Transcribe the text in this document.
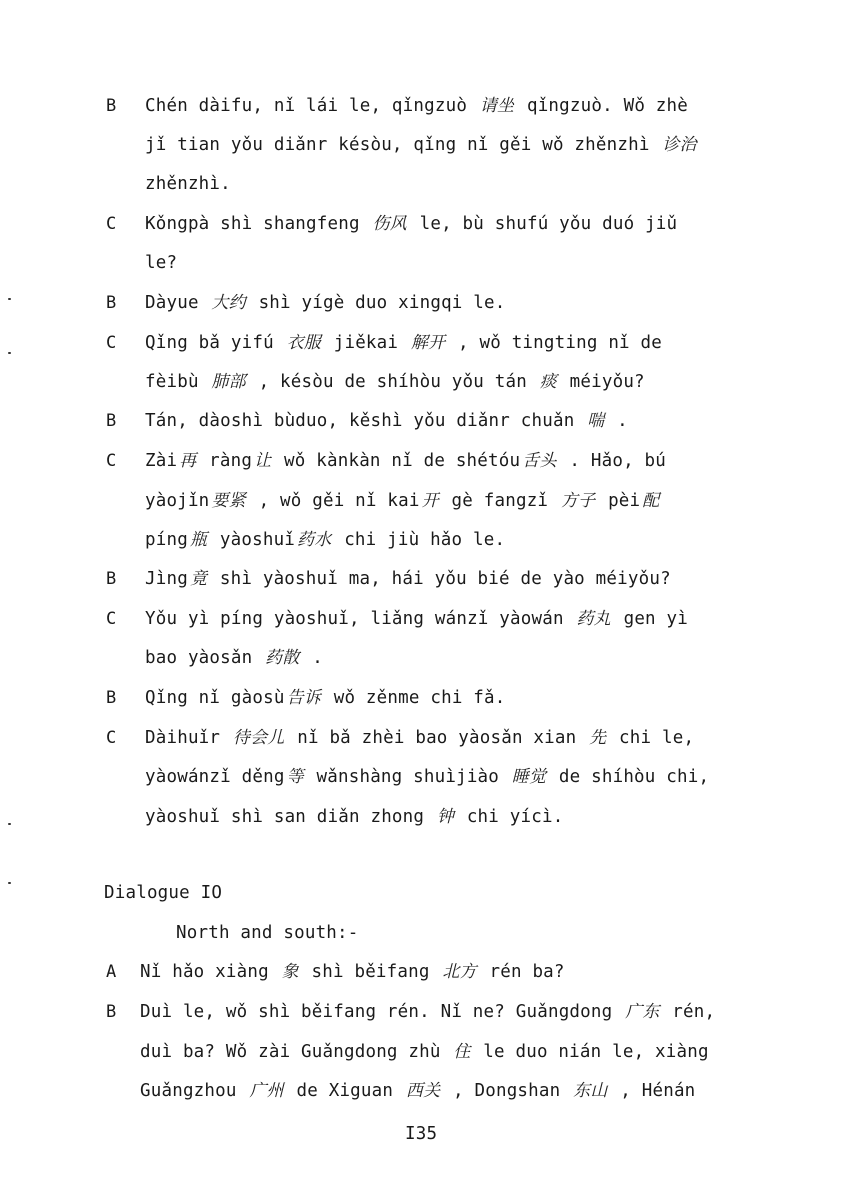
B Chén dàifu, nǐ lái le, qǐngzuò 请坐 qǐngzuò. Wǒ zhè
jǐ tian yǒu diǎnr késòu, qǐng nǐ gěi wǒ zhěnzhì 诊治
zhěnzhì.
C Kǒngpà shì shangfeng 伤风 le, bù shufú yǒu duó jiǔ
le?
B Dàyue 大约 shì yígè duo xingqi le.
C Qǐng bǎ yifú 衣服 jiěkai 解开 , wǒ tingting nǐ de
fèibù 肺部 , késòu de shíhòu yǒu tán 痰 méiyǒu?
B Tán, dàoshì bùduo, kěshì yǒu diǎnr chuǎn 喘 .
C Zài 再 ràng 让 wǒ kànkàn nǐ de shétóu 舌头 . Hǎo, bú
yàojǐn 要紧 , wǒ gěi nǐ kai 开 gè fangzǐ 方子 pèi 配
píng 瓶 yàoshuǐ 药水 chi jiù hǎo le.
B Jìng 竟 shì yàoshuǐ ma, hái yǒu bié de yào méiyǒu?
C Yǒu yì píng yàoshuǐ, liǎng wánzǐ yàowán 药丸 gen yì
bao yàosǎn 药散 .
B Qǐng nǐ gàosù 告诉 wǒ zěnme chi fǎ.
C Dàihuǐr 待会儿 nǐ bǎ zhèi bao yàosǎn xian 先 chi le,
yàowánzǐ děng 等 wǎnshàng shuìjiào 睡觉 de shíhòu chi,
yàoshuǐ shì san diǎn zhong 钟 chi yícì.
Dialogue IO
North and south:-
A Nǐ hǎo xiàng 象 shì běifang 北方 rén ba?
B Duì le, wǒ shì běifang rén. Nǐ ne? Guǎngdong 广东 rén,
duì ba? Wǒ zài Guǎngdong zhù 住 le duo nián le, xiàng
Guǎngzhou 广州 de Xiguan 西关 , Dongshan 东山 , Hénán
I35
